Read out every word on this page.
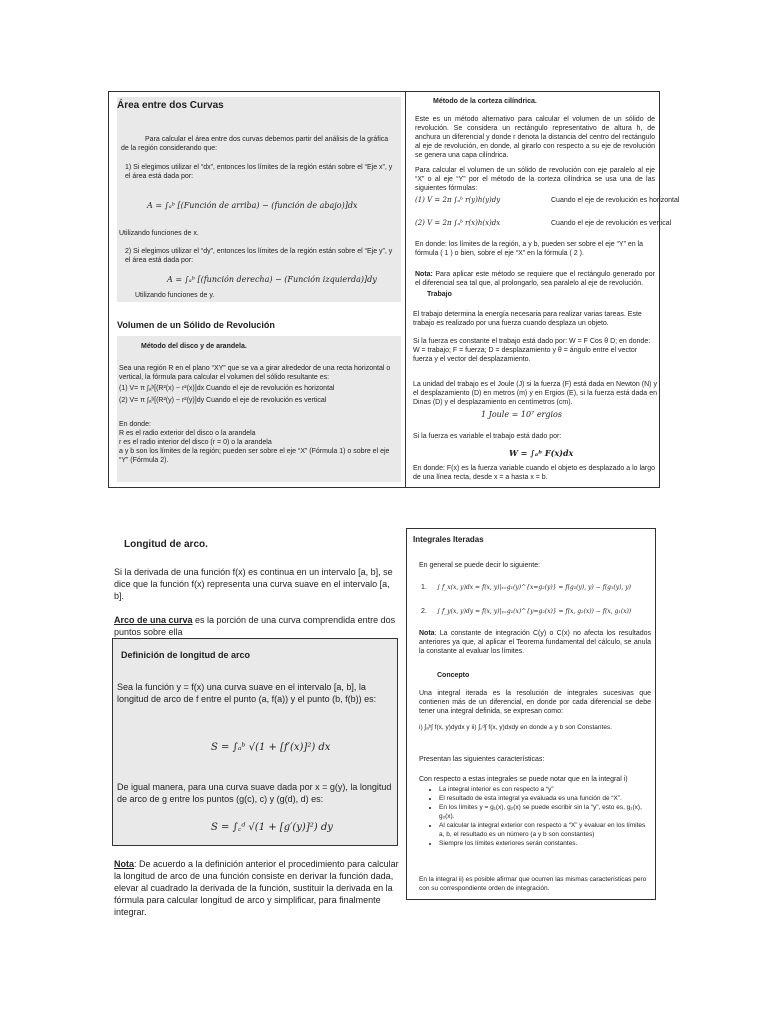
Área entre dos Curvas
Para calcular el área entre dos curvas debemos partir del análisis de la gráfica de la región considerando que:
1) Si elegimos utilizar el “dx”, entonces los límites de la región están sobre el “Eje x”, y el área está dada por:
A = ∫ₐᵇ [(Función de arriba) − (función de abajo)]dx
Utilizando funciones de x.
2) Si elegimos utilizar el “dy”, entonces los límites de la región están sobre el “Eje y”, y el área está dada por:
A = ∫ₐᵇ [(función derecha) − (Función izquierda)]dy
Utilizando funciones de y.
Volumen de un Sólido de Revolución
Método del disco y de arandela.
Sea una región R en el plano “XY” que se va a girar alrededor de una recta horizontal o vertical, la fórmula para calcular el volumen del sólido resultante es:
(1) V= π ∫ₐᵇ[(R²(x) − r²(x)]dx Cuando el eje de revolución es horizontal
(2) V= π ∫ₐᵇ[(R²(y) − r²(y)]dy Cuando el eje de revolución es vertical
En donde:
R es el radio exterior del disco o la arandela
r es el radio interior del disco (r = 0) o la arandela
a y b son los límites de la región; pueden ser sobre el eje “X” (Fórmula 1) o sobre el eje “Y” (Fórmula 2).
Método de la corteza cilíndrica.
Este es un método alternativo para calcular el volumen de un sólido de revolución. Se considera un rectángulo representativo de altura h, de anchura un diferencial y donde r denota la distancia del centro del rectángulo al eje de revolución, en donde, al girarlo con respecto a su eje de revolución se genera una capa cilíndrica.
Para calcular el volumen de un sólido de revolución con eje paralelo al eje “X” o al eje “Y” por el método de la corteza cilíndrica se usa una de las siguientes fórmulas:
(1) V = 2π ∫ₐᵇ r(y)h(y)dy	Cuando el eje de revolución es horizontal
(2) V = 2π ∫ₐᵇ r(x)h(x)dx	Cuando el eje de revolución es vertical
En donde: los límites de la región, a y b, pueden ser sobre el eje “Y” en la fórmula ( 1 ) o bien, sobre el eje “X” en la fórmula ( 2 ).
Nota: Para aplicar este método se requiere que el rectángulo generado por el diferencial sea tal que, al prolongarlo, sea paralelo al eje de revolución.
Trabajo
El trabajo determina la energía necesaria para realizar varias tareas. Este trabajo es realizado por una fuerza cuando desplaza un objeto.
Si la fuerza es constante el trabajo está dado por: W = F Cos θ D; en donde: W = trabajo; F = fuerza; D = desplazamiento y θ = ángulo entre el vector fuerza y el vector del desplazamiento.
La unidad del trabajo es el Joule (J) si la fuerza (F) está dada en Newton (N) y el desplazamiento (D) en metros (m) y en Ergios (E), si la fuerza está dada en Dinas (D) y el desplazamiento en centímetros (cm).
1 Joule = 10⁷ ergios
Si la fuerza es variable el trabajo está dado por:
W = ∫ₐᵇ F(x)dx
En donde: F(x) es la fuerza variable cuando el objeto es desplazado a lo largo de una línea recta, desde x = a hasta x = b.
Longitud de arco.
Si la derivada de una función f(x) es continua en un intervalo [a, b], se dice que la función f(x) representa una curva suave en el intervalo [a, b].
Arco de una curva es la porción de una curva comprendida entre dos puntos sobre ella
Definición de longitud de arco
Sea la función y = f(x) una curva suave en el intervalo [a, b], la longitud de arco de f entre el punto (a, f(a)) y el punto (b, f(b)) es:
S = ∫ₐᵇ √(1 + [f′(x)]²) dx
De igual manera, para una curva suave dada por x = g(y), la longitud de arco de g entre los puntos (g(c), c) y (g(d), d) es:
S = ∫꜀ᵈ √(1 + [g′(y)]²) dy
Nota: De acuerdo a la definición anterior el procedimiento para calcular la longitud de arco de una función consiste en derivar la función dada, elevar al cuadrado la derivada de la función, sustituir la derivada en la fórmula para calcular longitud de arco y simplificar, para finalmente integrar.
Integrales Iteradas
En general se puede decir lo siguiente:
1. ∫ f_x(x, y)dx = f(x, y)|ₓ₌g₁(y)^{x=g₂(y)} = f(g₂(y), y) − f(g₁(y), y)
2. ∫ f_y(x, y)dy = f(x, y)|ᵧ₌g₁(x)^{y=g₂(x)} = f(x, g₂(x)) − f(x, g₁(x))
Nota: La constante de integración C(y) o C(x) no afecta los resultados anteriores ya que, al aplicar el Teorema fundamental del cálculo, se anula la constante al evaluar los límites.
Concepto
Una integral iterada es la resolución de integrales sucesivas que contienen más de un diferencial, en donde por cada diferencial se debe tener una integral definida, se expresan como:
i) ∫ₐᵇ∫ f(x, y)dydx y ii) ∫꜀ᵈ∫ f(x, y)dxdy en donde a y b son Constantes.
Presentan las siguientes características:
Con respecto a estas integrales se puede notar que en la integral i)
• La integral interior es con respecto a “y”
• El resultado de esta integral ya evaluada es una función de “X”.
• En los límites y = g₁(x), g₂(x) se puede escribir sin la “y”, esto es, g₁(x), g₂(x).
• Al calcular la integral exterior con respecto a “X” y evaluar en los límites a, b, el resultado es un número (a y b son constantes)
• Siempre los límites exteriores serán constantes.
En la integral ii) es posible afirmar que ocurren las mismas características pero con su correspondiente orden de integración.
